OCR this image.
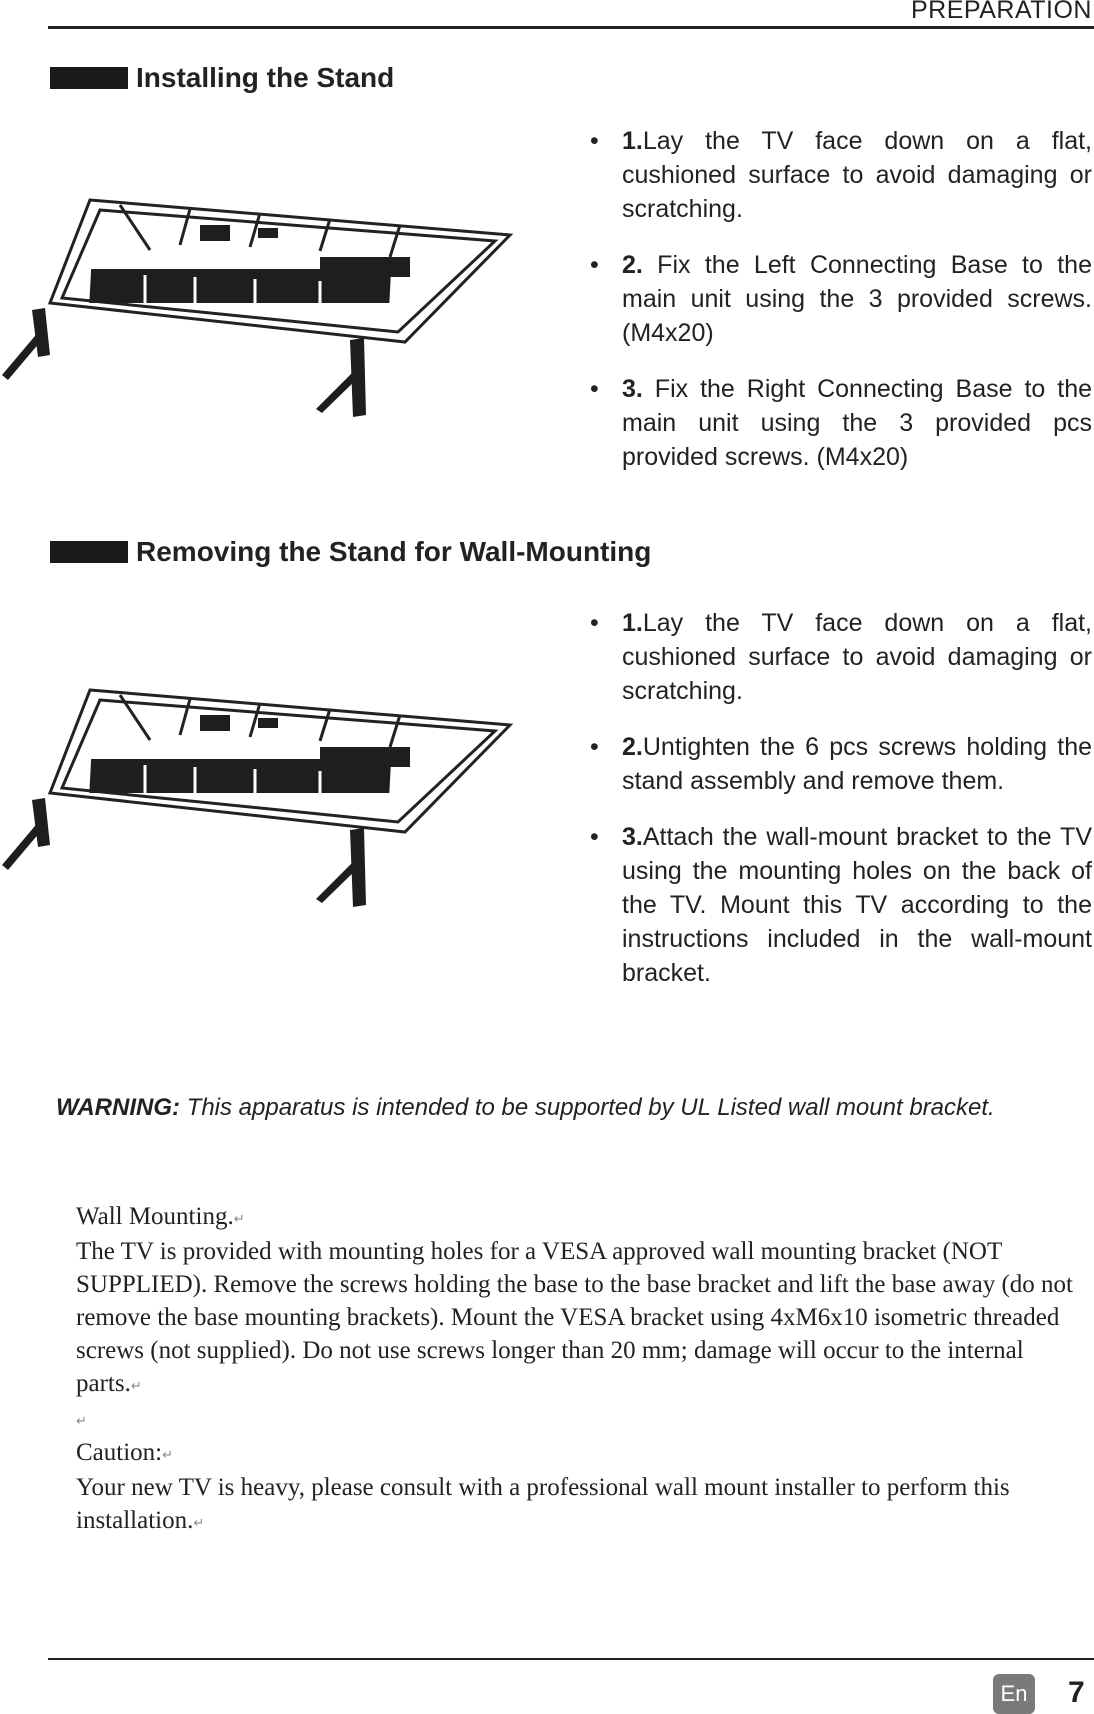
PREPARATION
Installing the Stand
• 1.Lay the TV face down on a flat, cushioned surface to avoid damaging or scratching.
• 2. Fix the Left Connecting Base to the main unit using the 3 provided screws. (M4x20)
• 3. Fix the Right Connecting Base to the main unit using the 3 provided pcs provided screws. (M4x20)
Removing the Stand for Wall-Mounting
• 1.Lay the TV face down on a flat, cushioned surface to avoid damaging or scratching.
• 2.Untighten the 6 pcs screws holding the stand assembly and remove them.
• 3.Attach the wall-mount bracket to the TV using the mounting holes on the back of the TV. Mount this TV according to the instructions included in the wall-mount bracket.
WARNING: This apparatus is intended to be supported by UL Listed wall mount bracket.

Wall Mounting.↵

The TV is provided with mounting holes for a VESA approved wall mounting bracket (NOT SUPPLIED). Remove the screws holding the base to the base bracket and lift the base away (do not remove the base mounting brackets). Mount the VESA bracket using 4xM6x10 isometric threaded screws (not supplied). Do not use screws longer than 20 mm; damage will occur to the internal parts.↵

↵

Caution:↵

Your new TV is heavy, please consult with a professional wall mount installer to perform this installation.↵

En 7
